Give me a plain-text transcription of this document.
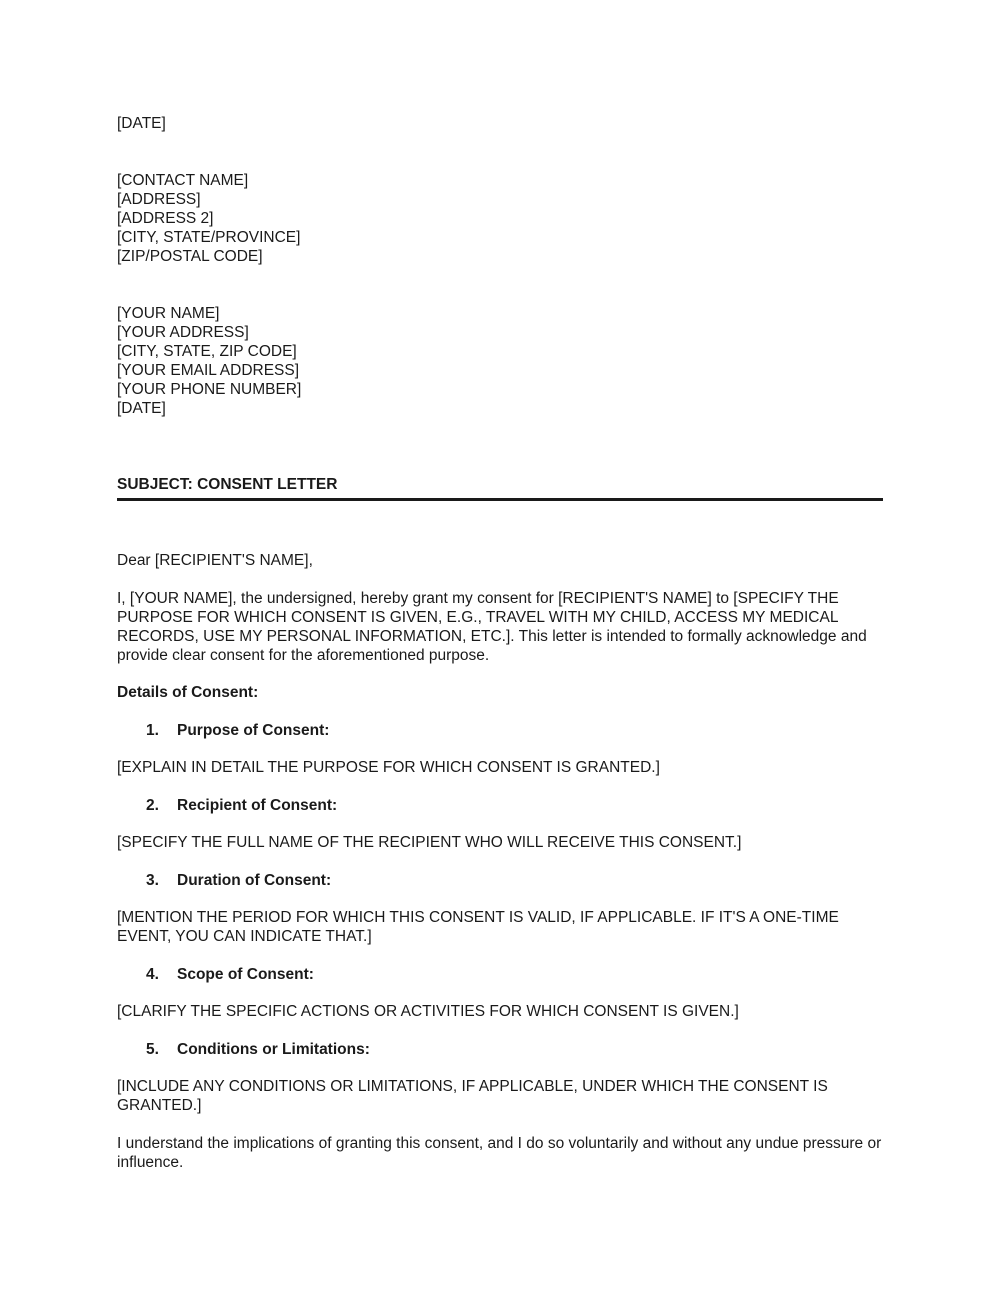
[DATE]

[CONTACT NAME]
[ADDRESS]
[ADDRESS 2]
[CITY, STATE/PROVINCE]
[ZIP/POSTAL CODE]
[YOUR NAME]
[YOUR ADDRESS]
[CITY, STATE, ZIP CODE]
[YOUR EMAIL ADDRESS]
[YOUR PHONE NUMBER]
[DATE]
SUBJECT: CONSENT LETTER

Dear [RECIPIENT'S NAME],

I, [YOUR NAME], the undersigned, hereby grant my consent for [RECIPIENT'S NAME] to [SPECIFY THE PURPOSE FOR WHICH CONSENT IS GIVEN, E.G., TRAVEL WITH MY CHILD, ACCESS MY MEDICAL RECORDS, USE MY PERSONAL INFORMATION, ETC.]. This letter is intended to formally acknowledge and provide clear consent for the aforementioned purpose.

Details of Consent:

1.	Purpose of Consent:

[EXPLAIN IN DETAIL THE PURPOSE FOR WHICH CONSENT IS GRANTED.]

2.	Recipient of Consent:

[SPECIFY THE FULL NAME OF THE RECIPIENT WHO WILL RECEIVE THIS CONSENT.]

3.	Duration of Consent:

[MENTION THE PERIOD FOR WHICH THIS CONSENT IS VALID, IF APPLICABLE. IF IT'S A ONE-TIME EVENT, YOU CAN INDICATE THAT.]

4.	Scope of Consent:

[CLARIFY THE SPECIFIC ACTIONS OR ACTIVITIES FOR WHICH CONSENT IS GIVEN.]

5.	Conditions or Limitations:

[INCLUDE ANY CONDITIONS OR LIMITATIONS, IF APPLICABLE, UNDER WHICH THE CONSENT IS GRANTED.]

I understand the implications of granting this consent, and I do so voluntarily and without any undue pressure or influence.
